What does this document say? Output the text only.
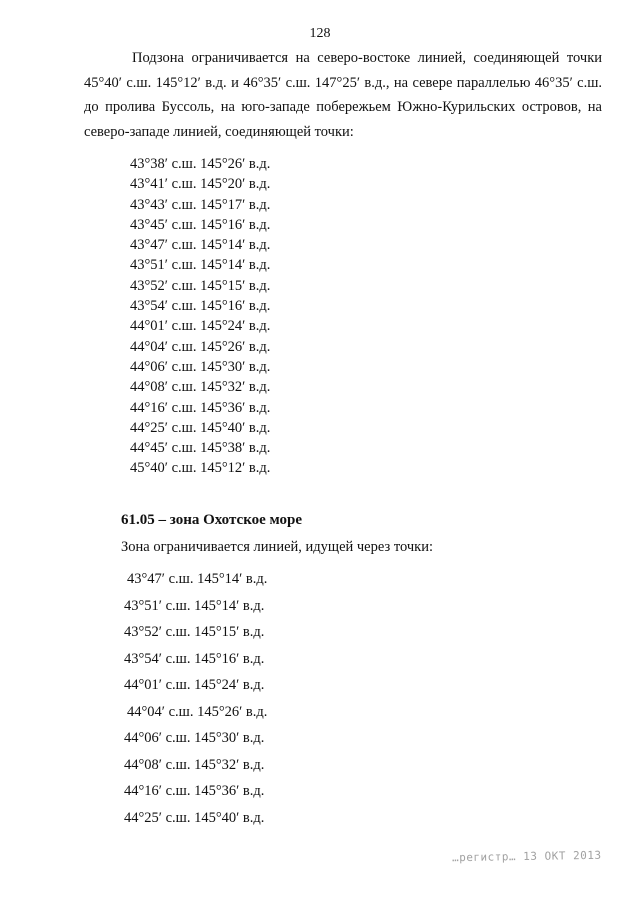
128
Подзона ограничивается на северо-востоке линией, соединяющей точки 45°40′ с.ш. 145°12′ в.д. и 46°35′ с.ш. 147°25′ в.д., на севере параллелью 46°35′ с.ш. до пролива Буссоль, на юго-западе побережьем Южно-Курильских островов, на северо-западе линией, соединяющей точки:
43°38′ с.ш. 145°26′ в.д.
43°41′ с.ш. 145°20′ в.д.
43°43′ с.ш. 145°17′ в.д.
43°45′ с.ш. 145°16′ в.д.
43°47′ с.ш. 145°14′ в.д.
43°51′ с.ш. 145°14′ в.д.
43°52′ с.ш. 145°15′ в.д.
43°54′ с.ш. 145°16′ в.д.
44°01′ с.ш. 145°24′ в.д.
44°04′ с.ш. 145°26′ в.д.
44°06′ с.ш. 145°30′ в.д.
44°08′ с.ш. 145°32′ в.д.
44°16′ с.ш. 145°36′ в.д.
44°25′ с.ш. 145°40′ в.д.
44°45′ с.ш. 145°38′ в.д.
45°40′ с.ш. 145°12′ в.д.
61.05 – зона Охотское море
Зона ограничивается линией, идущей через точки:
43°47′ с.ш. 145°14′ в.д.
43°51′ с.ш. 145°14′ в.д.
43°52′ с.ш. 145°15′ в.д.
43°54′ с.ш. 145°16′ в.д.
44°01′ с.ш. 145°24′ в.д.
44°04′ с.ш. 145°26′ в.д.
44°06′ с.ш. 145°30′ в.д.
44°08′ с.ш. 145°32′ в.д.
44°16′ с.ш. 145°36′ в.д.
44°25′ с.ш. 145°40′ в.д.
…регистр… 13 ОКТ 2013
